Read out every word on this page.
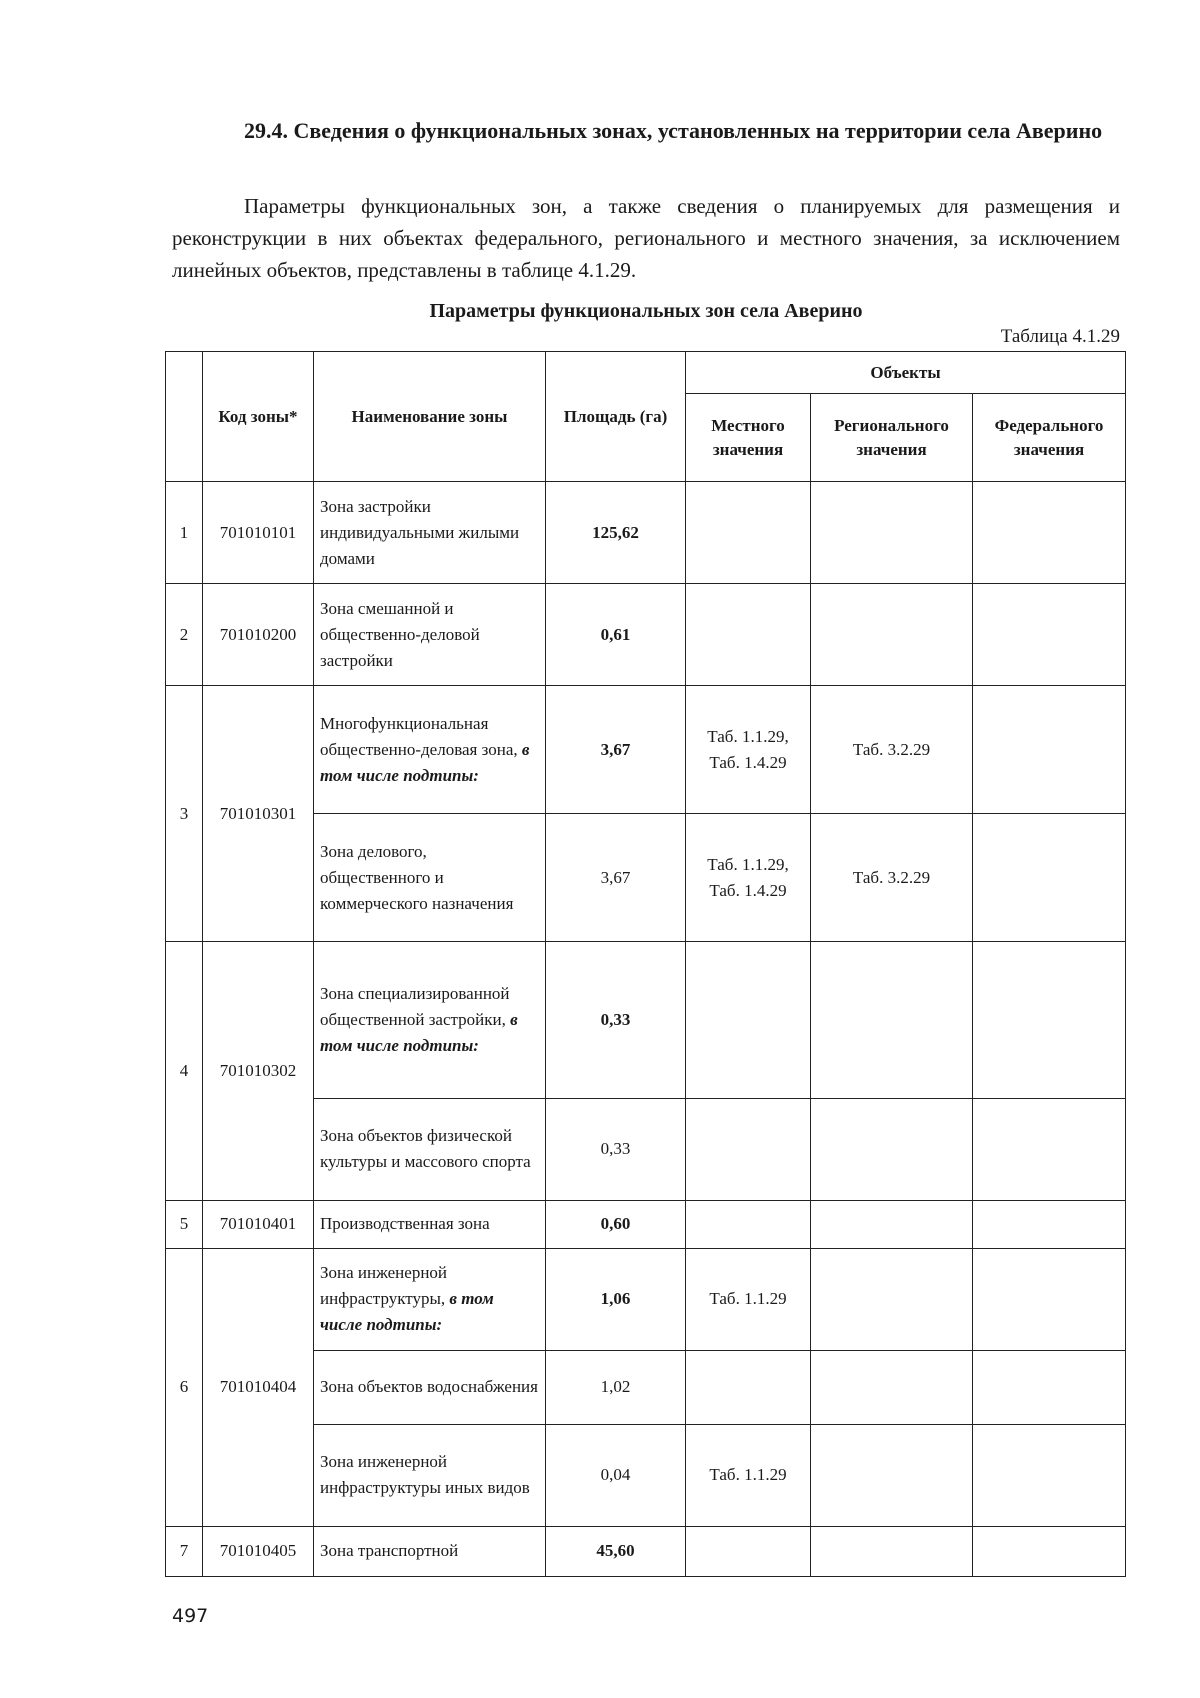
29.4. Сведения о функциональных зонах, установленных на территории села Аверино

Параметры функциональных зон, а также сведения о планируемых для размещения и реконструкции в них объектах федерального, регионального и местного значения, за исключением линейных объектов, представлены в таблице 4.1.29.

Параметры функциональных зон села Аверино

Таблица 4.1.29

	Код зоны*	Наименование зоны	Площадь (га)	Объекты		
				Местного значения	Регионального значения	Федерального значения
1	701010101	Зона застройки индивидуальными жилыми домами	125,62			
2	701010200	Зона смешанной и общественно-деловой застройки	0,61			
3	701010301	Многофункциональная общественно-деловая зона, в том числе подтипы:	3,67	Таб. 1.1.29, Таб. 1.4.29	Таб. 3.2.29	
		Зона делового, общественного и коммерческого назначения	3,67	Таб. 1.1.29, Таб. 1.4.29	Таб. 3.2.29	
4	701010302	Зона специализированной общественной застройки, в том числе подтипы:	0,33			
		Зона объектов физической культуры и массового спорта	0,33			
5	701010401	Производственная зона	0,60			
6	701010404	Зона инженерной инфраструктуры, в том числе подтипы:	1,06	Таб. 1.1.29		
		Зона объектов водоснабжения	1,02			
		Зона инженерной инфраструктуры иных видов	0,04	Таб. 1.1.29		
7	701010405	Зона транспортной	45,60			

497
